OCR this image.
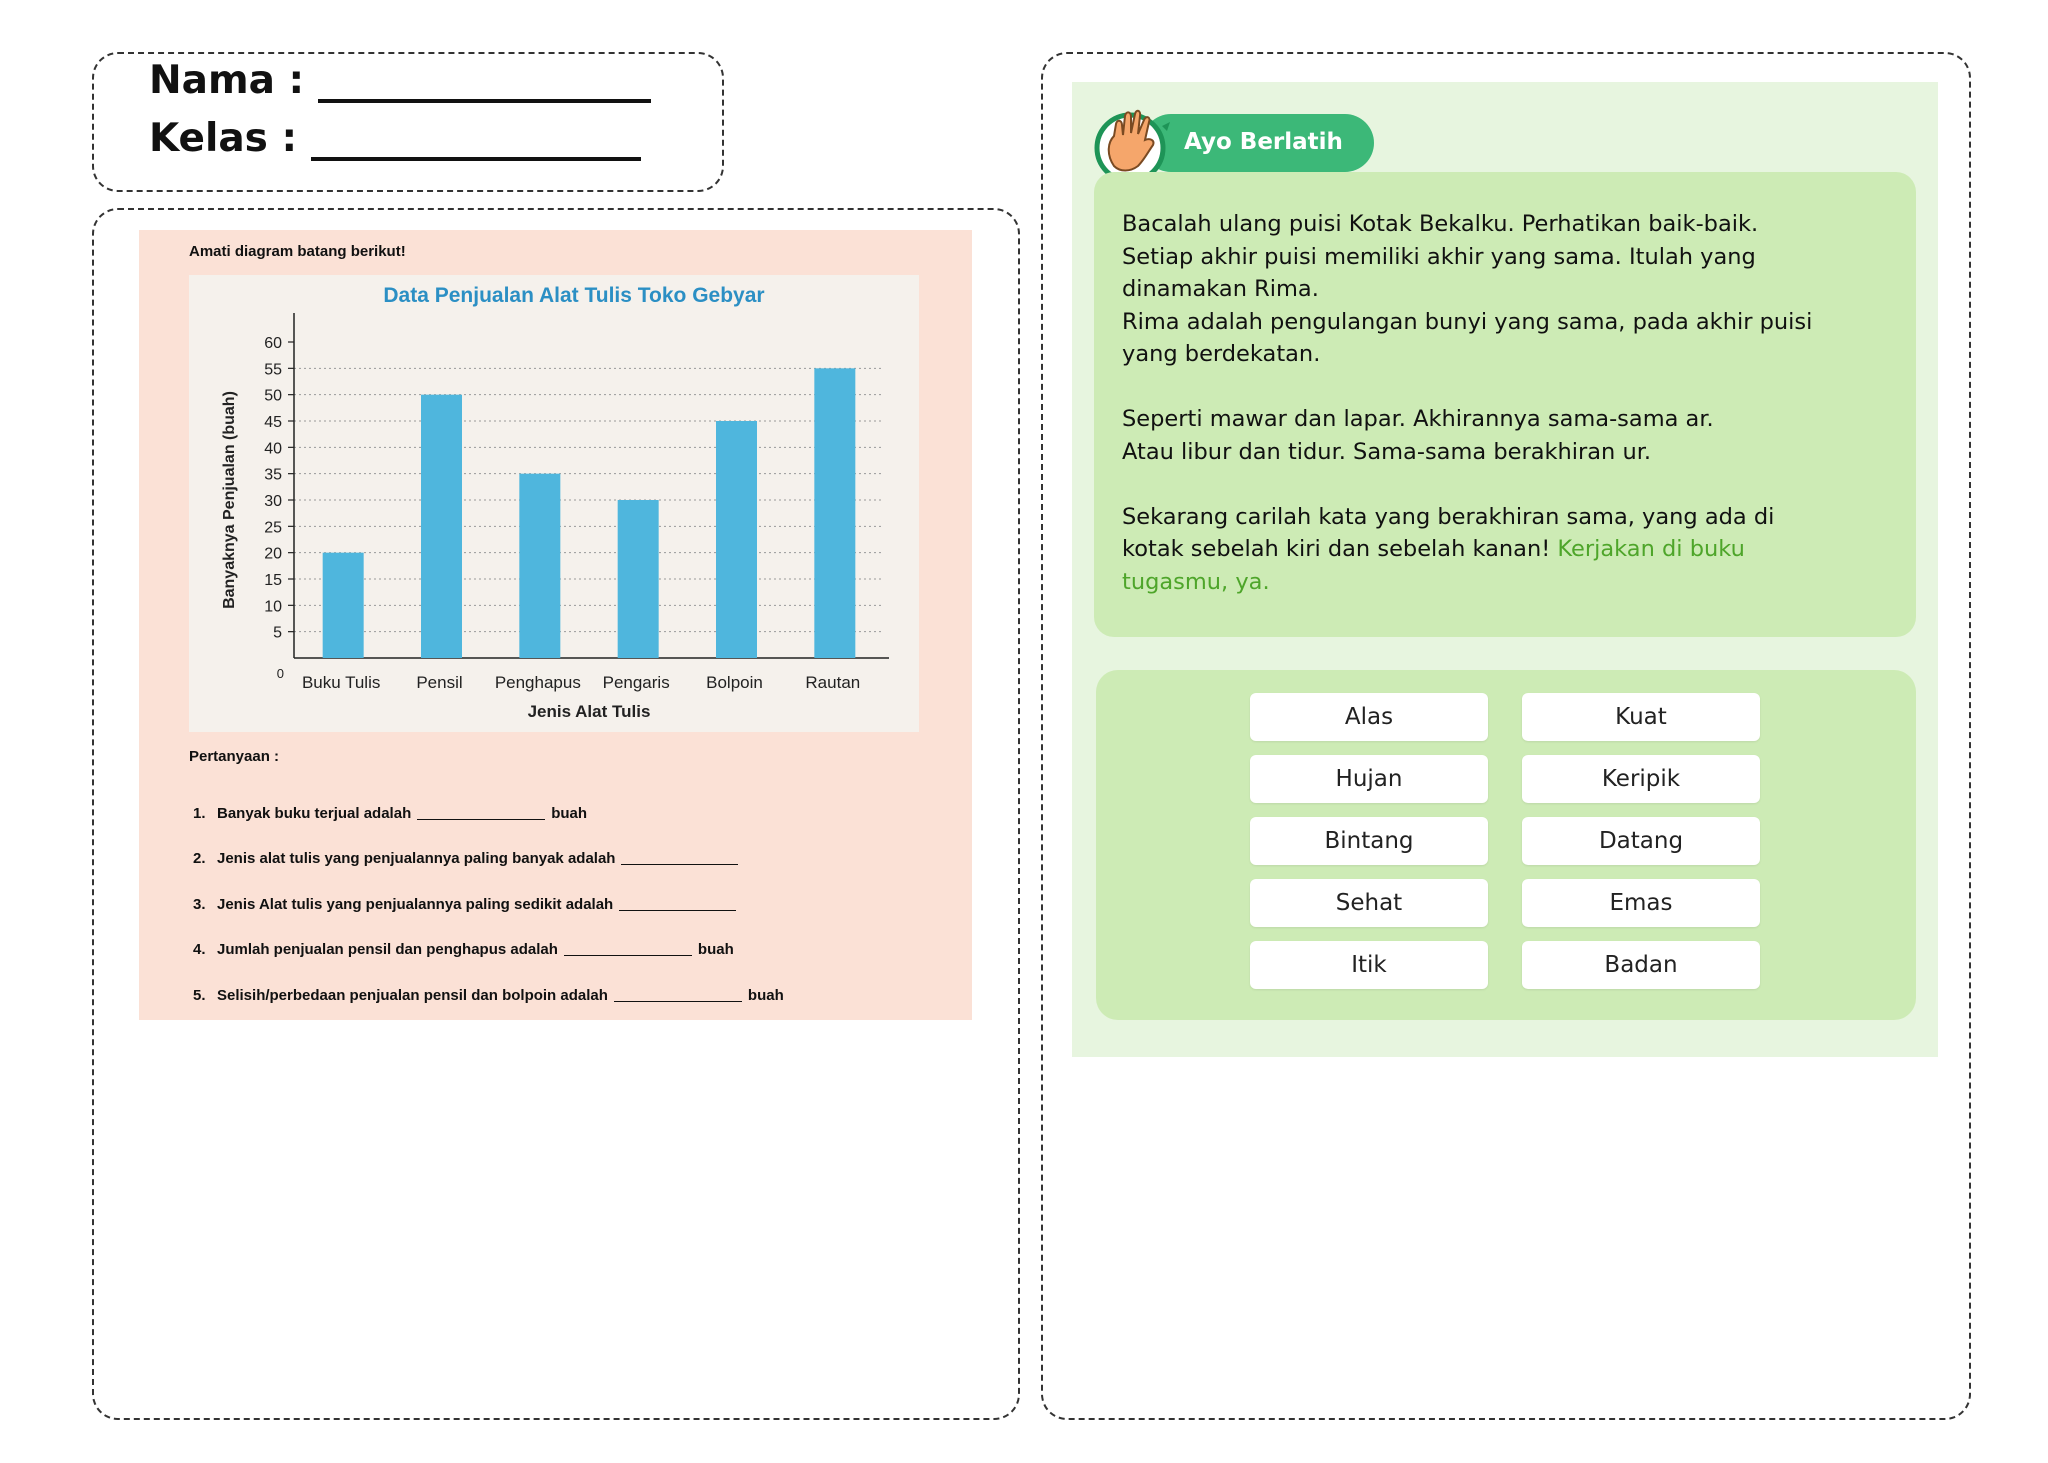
Nama :
Kelas :
Amati diagram batang berikut!
Data Penjualan Alat Tulis Toko Gebyar
0
5
10
15
20
25
30
35
40
45
50
55
60
Buku Tulis Pensil Penghapus Pengaris Bolpoin	Rautan
Jenis Alat Tulis
Banyaknya Penjualan (buah)
Pertanyaan :
1. Banyak buku terjual adalah	buah
2. Jenis alat tulis yang penjualannya paling banyak adalah
3. Jenis Alat tulis yang penjualannya paling sedikit adalah
4. Jumlah penjualan pensil dan penghapus adalah	buah
5. Selisih/perbedaan penjualan pensil dan bolpoin adalah	buah
Ayo Berlatih
Bacalah ulang puisi Kotak Bekalku. Perhatikan baik-baik.
Setiap akhir puisi memiliki akhir yang sama. Itulah yang
dinamakan Rima.
Rima adalah pengulangan bunyi yang sama, pada akhir puisi
yang berdekatan.
Seperti mawar dan lapar. Akhirannya sama-sama ar.
Atau libur dan tidur. Sama-sama berakhiran ur.
Sekarang carilah kata yang berakhiran sama, yang ada di
kotak sebelah kiri dan sebelah kanan! Kerjakan di buku
tugasmu, ya.
Alas
Hujan
Bintang
Sehat
Itik
Kuat
Keripik
Datang
Emas
Badan
